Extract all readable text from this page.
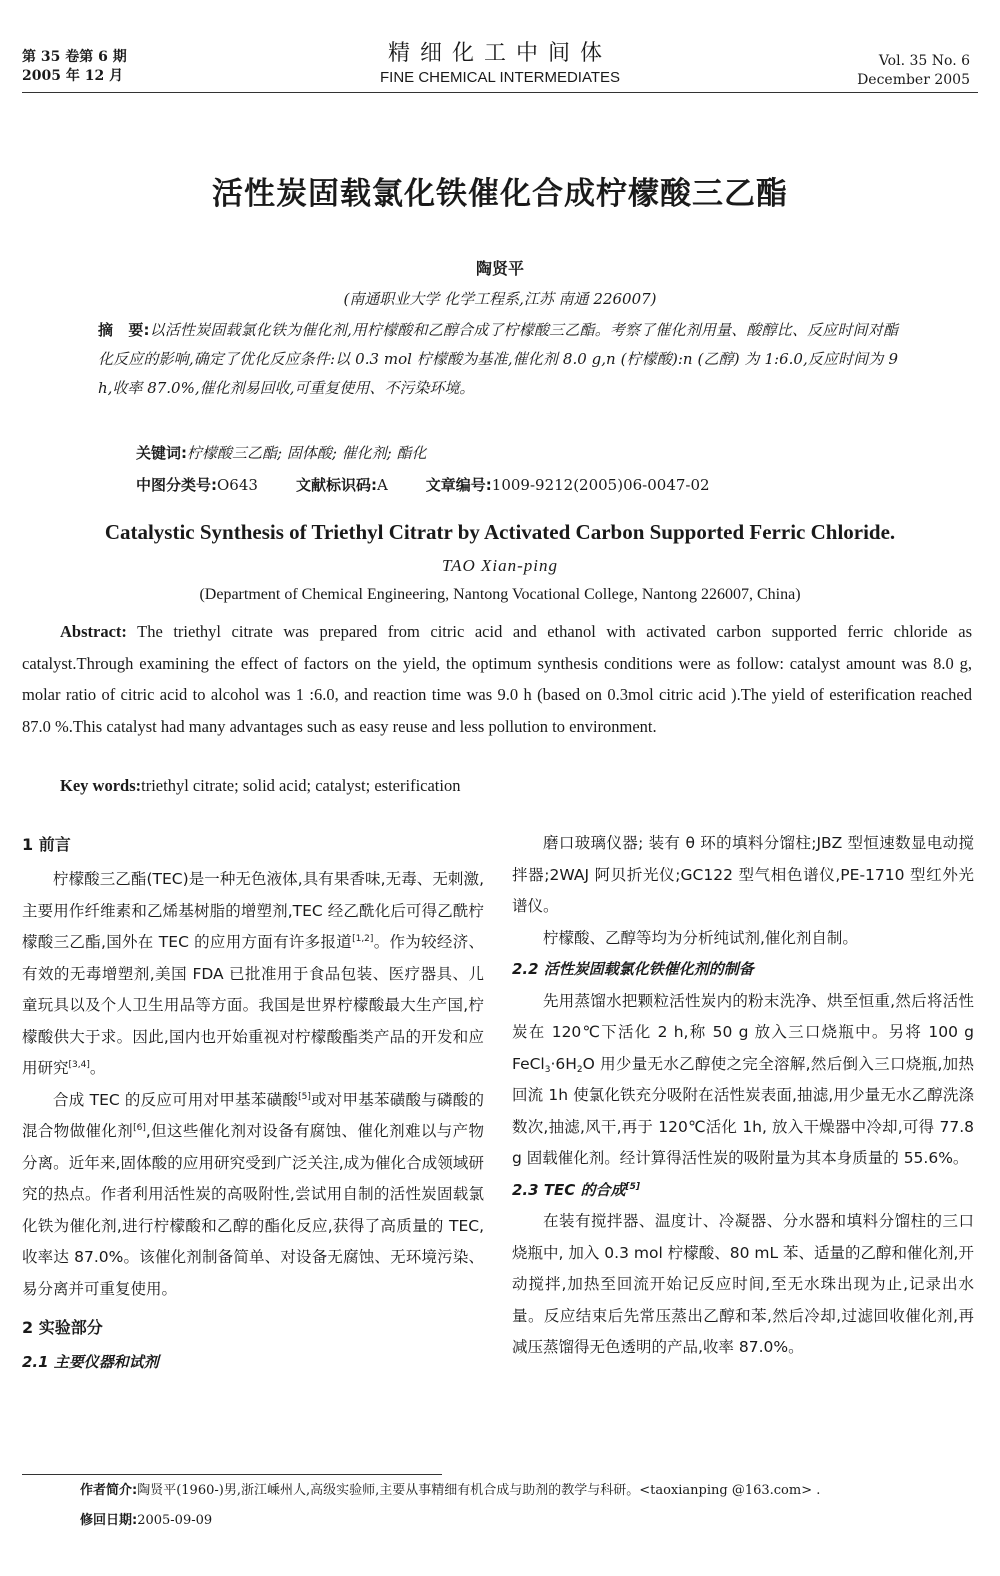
第 35 卷第 6 期
2005 年 12 月
精细化工中间体
FINE CHEMICAL INTERMEDIATES
Vol. 35 No. 6
December 2005
活性炭固载氯化铁催化合成柠檬酸三乙酯
陶贤平
(南通职业大学 化学工程系,江苏 南通 226007)
摘　要:以活性炭固载氯化铁为催化剂,用柠檬酸和乙醇合成了柠檬酸三乙酯。考察了催化剂用量、酸醇比、反应时间对酯化反应的影响,确定了优化反应条件:以 0.3 mol 柠檬酸为基准,催化剂 8.0 g,n (柠檬酸):n (乙醇) 为 1:6.0,反应时间为 9 h,收率 87.0%,催化剂易回收,可重复使用、不污染环境。
关键词:柠檬酸三乙酯; 固体酸; 催化剂; 酯化
中图分类号:O643	文献标识码:A	文章编号:1009-9212(2005)06-0047-02
Catalystic Synthesis of Triethyl Citratr by Activated Carbon Supported Ferric Chloride.
TAO Xian-ping
(Department of Chemical Engineering, Nantong Vocational College, Nantong 226007, China)
Abstract: The triethyl citrate was prepared from citric acid and ethanol with activated carbon supported ferric chloride as catalyst.Through examining the effect of factors on the yield, the optimum synthesis conditions were as follow: catalyst amount was 8.0 g, molar ratio of citric acid to alcohol was 1 :6.0, and reaction time was 9.0 h (based on 0.3mol citric acid ).The yield of esterification reached 87.0 %.This catalyst had many advantages such as easy reuse and less pollution to environment.
Key words:triethyl citrate; solid acid; catalyst; esterification
1 前言

柠檬酸三乙酯(TEC)是一种无色液体,具有果香味,无毒、无刺激,主要用作纤维素和乙烯基树脂的增塑剂,TEC 经乙酰化后可得乙酰柠檬酸三乙酯,国外在 TEC 的应用方面有许多报道[1,2]。作为较经济、有效的无毒增塑剂,美国 FDA 已批准用于食品包装、医疗器具、儿童玩具以及个人卫生用品等方面。我国是世界柠檬酸最大生产国,柠檬酸供大于求。因此,国内也开始重视对柠檬酸酯类产品的开发和应用研究[3,4]。

合成 TEC 的反应可用对甲基苯磺酸[5]或对甲基苯磺酸与磷酸的混合物做催化剂[6],但这些催化剂对设备有腐蚀、催化剂难以与产物分离。近年来,固体酸的应用研究受到广泛关注,成为催化合成领域研究的热点。作者利用活性炭的高吸附性,尝试用自制的活性炭固载氯化铁为催化剂,进行柠檬酸和乙醇的酯化反应,获得了高质量的 TEC,收率达 87.0%。该催化剂制备简单、对设备无腐蚀、无环境污染、易分离并可重复使用。

2 实验部分
2.1 主要仪器和试剂

磨口玻璃仪器; 装有 θ 环的填料分馏柱;JBZ 型恒速数显电动搅拌器;2WAJ 阿贝折光仪;GC122 型气相色谱仪,PE-1710 型红外光谱仪。

柠檬酸、乙醇等均为分析纯试剂,催化剂自制。

2.2 活性炭固载氯化铁催化剂的制备

先用蒸馏水把颗粒活性炭内的粉末洗净、烘至恒重,然后将活性炭在 120℃下活化 2 h,称 50 g 放入三口烧瓶中。另将 100 g $FeCl_3\cdot 6H_2O$ 用少量无水乙醇使之完全溶解,然后倒入三口烧瓶,加热回流 1h 使氯化铁充分吸附在活性炭表面,抽滤,用少量无水乙醇洗涤数次,抽滤,风干,再于 120℃活化 1h, 放入干燥器中冷却,可得 77.8 g 固载催化剂。经计算得活性炭的吸附量为其本身质量的 55.6%。

2.3 TEC 的合成[5]

在装有搅拌器、温度计、冷凝器、分水器和填料分馏柱的三口烧瓶中, 加入 0.3 mol 柠檬酸、80 mL 苯、适量的乙醇和催化剂,开动搅拌,加热至回流开始记反应时间,至无水珠出现为止,记录出水量。反应结束后先常压蒸出乙醇和苯,然后冷却,过滤回收催化剂,再减压蒸馏得无色透明的产品,收率 87.0%。

作者简介:陶贤平(1960-)男,浙江嵊州人,高级实验师,主要从事精细有机合成与助剂的教学与科研。<taoxianping @163.com> .
修回日期:2005-09-09
